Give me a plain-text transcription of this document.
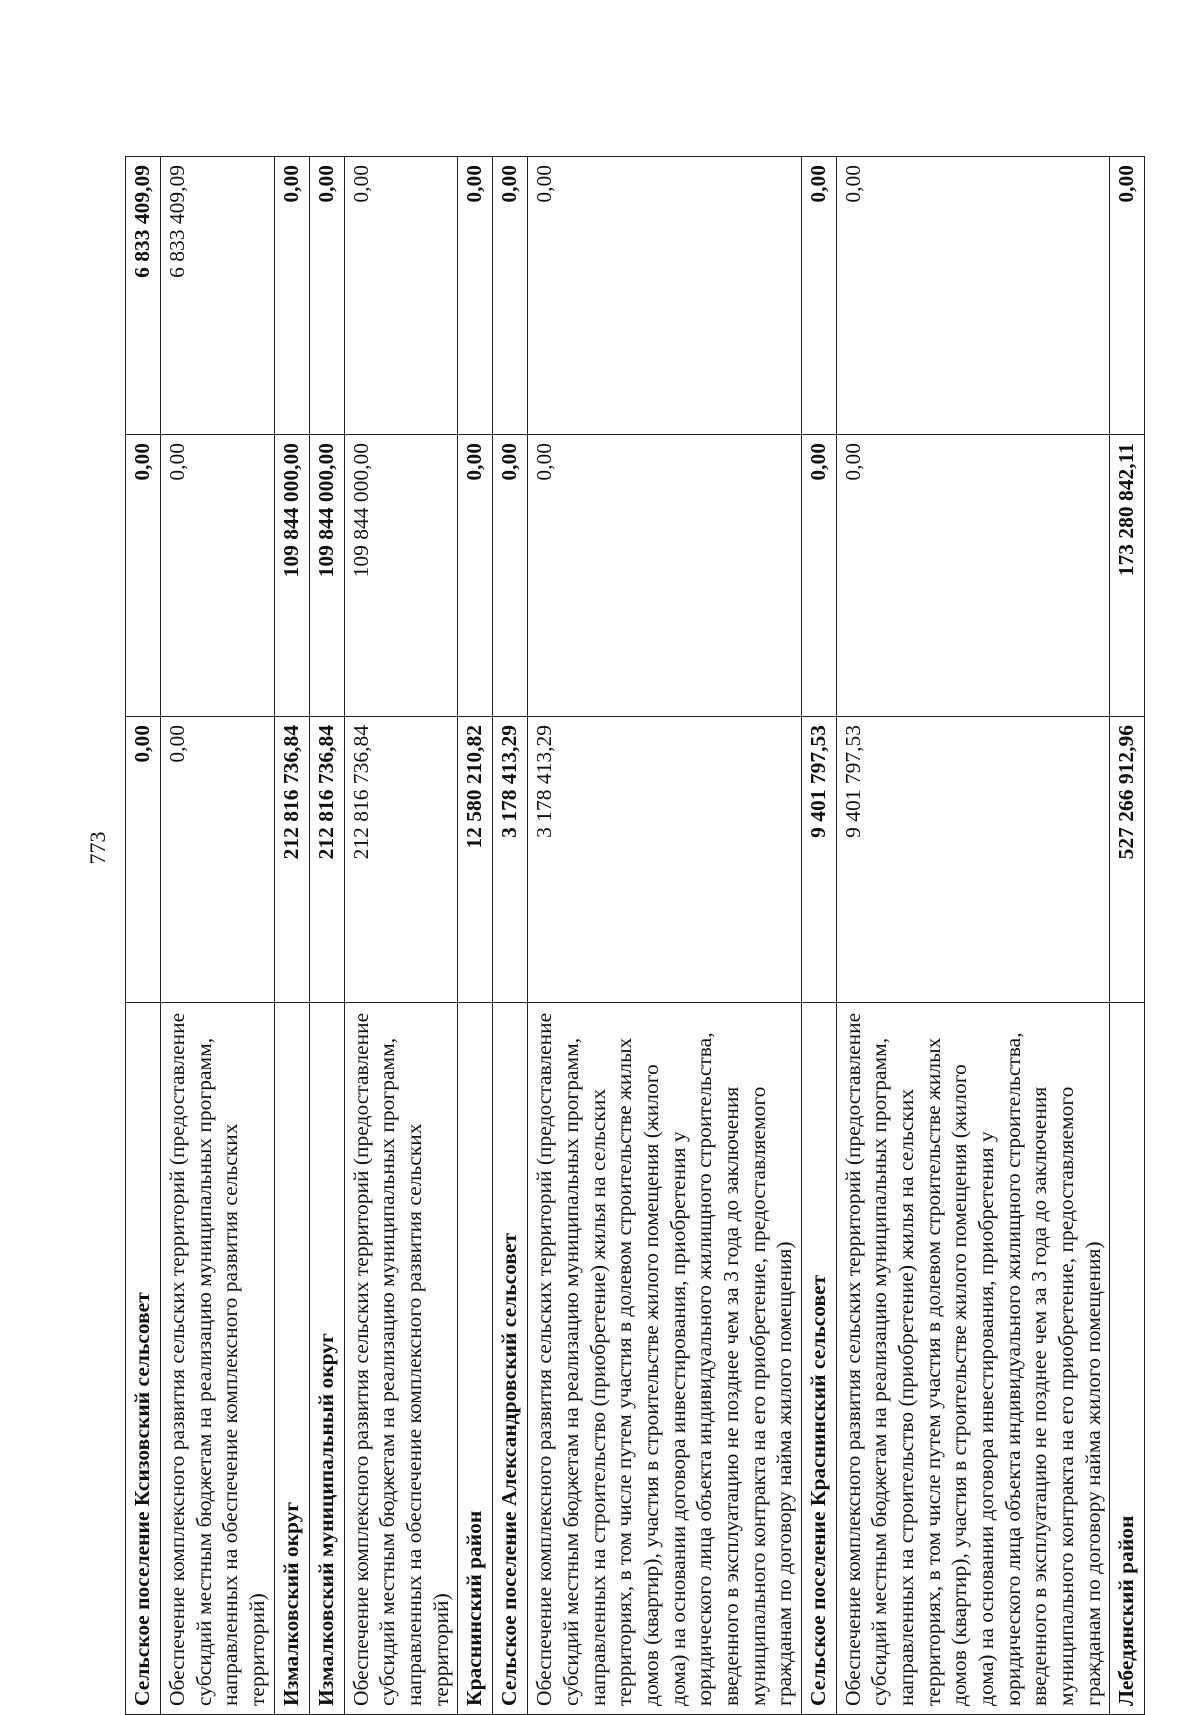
773
Сельское поселение Ксизовский сельсовет	0,00	0,00	6 833 409,09
Обеспечение комплексного развития сельских территорий (предоставление субсидий местным бюджетам на реализацию муниципальных программ, направленных на обеспечение комплексного развития сельских территорий)	0,00	0,00	6 833 409,09
Измалковский округ	212 816 736,84	109 844 000,00	0,00
Измалковский муниципальный округ	212 816 736,84	109 844 000,00	0,00
Обеспечение комплексного развития сельских территорий (предоставление субсидий местным бюджетам на реализацию муниципальных программ, направленных на обеспечение комплексного развития сельских территорий)	212 816 736,84	109 844 000,00	0,00
Краснинский район	12 580 210,82	0,00	0,00
Сельское поселение Александровский сельсовет	3 178 413,29	0,00	0,00
Обеспечение комплексного развития сельских территорий (предоставление субсидий местным бюджетам на реализацию муниципальных программ, направленных на строительство (приобретение) жилья на сельских территориях, в том числе путем участия в долевом строительстве жилых домов (квартир), участия в строительстве жилого помещения (жилого дома) на основании договора инвестирования, приобретения у юридического лица объекта индивидуального жилищного строительства, введенного в эксплуатацию не позднее чем за 3 года до заключения муниципального контракта на его приобретение, предоставляемого гражданам по договору найма жилого помещения)	3 178 413,29	0,00	0,00
Сельское поселение Краснинский сельсовет	9 401 797,53	0,00	0,00
Обеспечение комплексного развития сельских территорий (предоставление субсидий местным бюджетам на реализацию муниципальных программ, направленных на строительство (приобретение) жилья на сельских территориях, в том числе путем участия в долевом строительстве жилых домов (квартир), участия в строительстве жилого помещения (жилого дома) на основании договора инвестирования, приобретения у юридического лица объекта индивидуального жилищного строительства, введенного в эксплуатацию не позднее чем за 3 года до заключения муниципального контракта на его приобретение, предоставляемого гражданам по договору найма жилого помещения)	9 401 797,53	0,00	0,00
Лебедянский район	527 266 912,96	173 280 842,11	0,00
